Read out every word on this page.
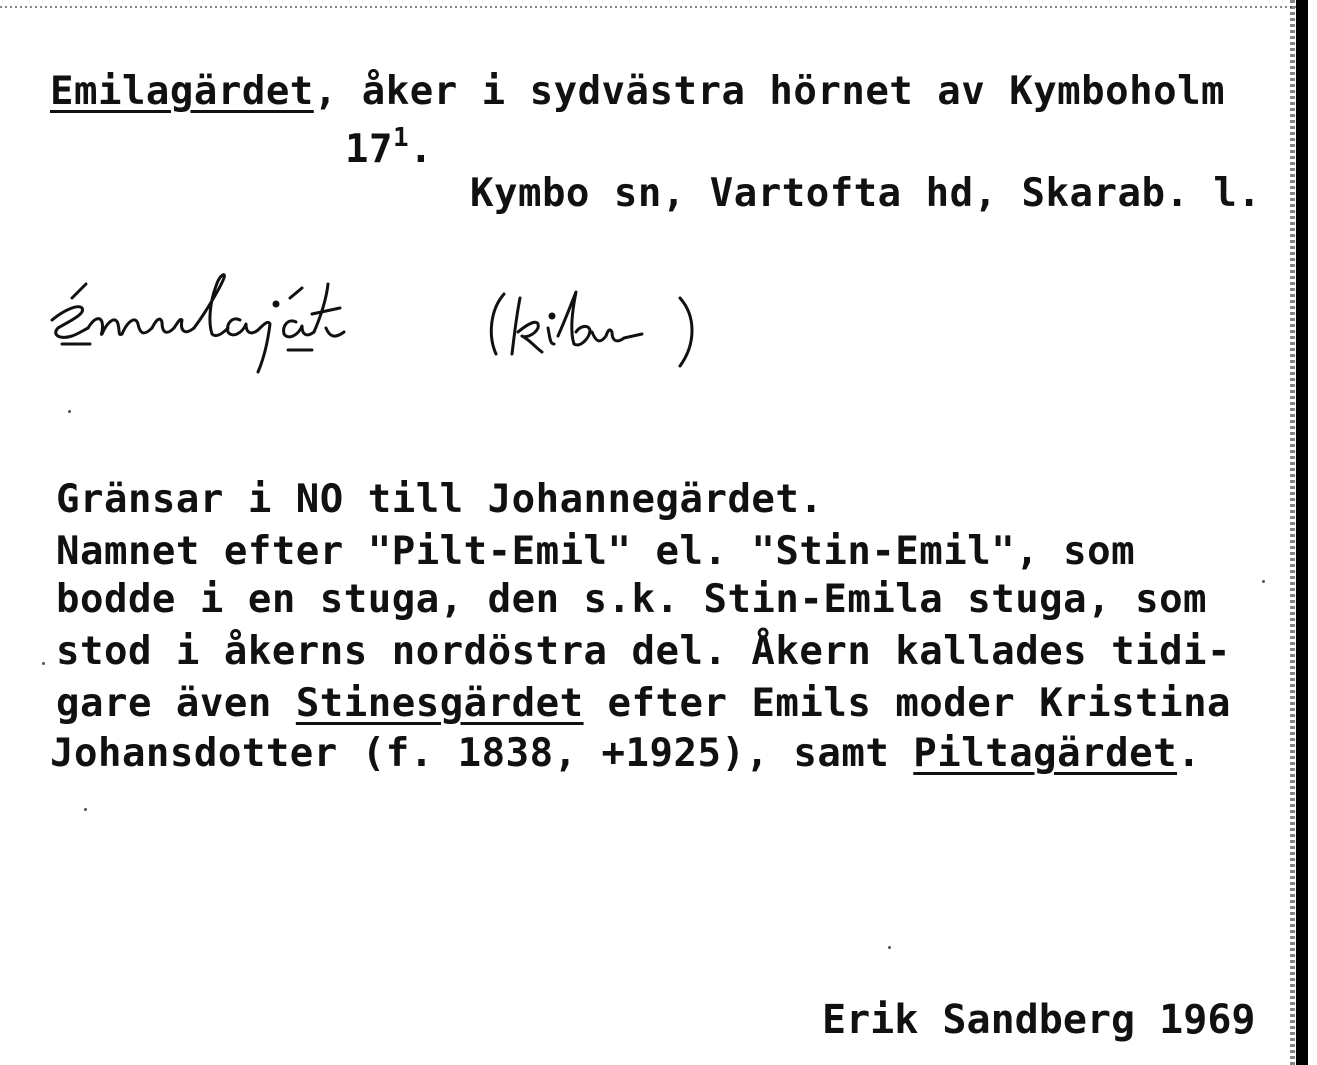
Emilagärdet, åker i sydvästra hörnet av Kymboholm
$17^1$.
Kymbo sn, Vartofta hd, Skarab. l.
Gränsar i NO till Johannegärdet.
Namnet efter "Pilt-Emil" el. "Stin-Emil", som
bodde i en stuga, den s.k. Stin-Emila stuga, som
stod i åkerns nordöstra del. Åkern kallades tidi-
gare även Stinesgärdet efter Emils moder Kristina
Johansdotter (f. 1838, +1925), samt Piltagärdet.
Erik Sandberg 1969
